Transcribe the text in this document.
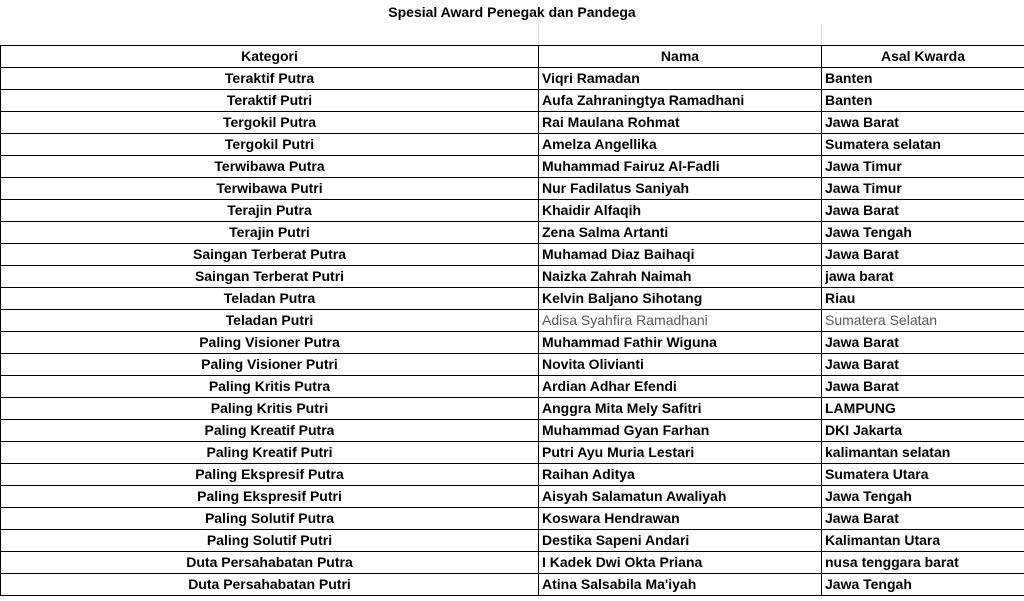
Spesial Award Penegak dan Pandega
Kategori	Nama	Asal Kwarda
Teraktif Putra	Viqri Ramadan	Banten
Teraktif Putri	Aufa Zahraningtya Ramadhani	Banten
Tergokil Putra	Rai Maulana Rohmat	Jawa Barat
Tergokil Putri	Amelza Angellika	Sumatera selatan
Terwibawa Putra	Muhammad Fairuz Al-Fadli	Jawa Timur
Terwibawa Putri	Nur Fadilatus Saniyah	Jawa Timur
Terajin Putra	Khaidir Alfaqih	Jawa Barat
Terajin Putri	Zena Salma Artanti	Jawa Tengah
Saingan Terberat Putra	Muhamad Diaz Baihaqi	Jawa Barat
Saingan Terberat Putri	Naizka Zahrah Naimah	jawa barat
Teladan Putra	Kelvin Baljano Sihotang	Riau
Teladan Putri	Adisa Syahfira Ramadhani	Sumatera Selatan
Paling Visioner Putra	Muhammad Fathir Wiguna	Jawa Barat
Paling Visioner Putri	Novita Olivianti	Jawa Barat
Paling Kritis Putra	Ardian Adhar Efendi	Jawa Barat
Paling Kritis Putri	Anggra Mita Mely Safitri	LAMPUNG
Paling Kreatif Putra	Muhammad Gyan Farhan	DKI Jakarta
Paling Kreatif Putri	Putri Ayu Muria Lestari	kalimantan selatan
Paling Ekspresif Putra	Raihan Aditya	Sumatera Utara
Paling Ekspresif Putri	Aisyah Salamatun Awaliyah	Jawa Tengah
Paling Solutif Putra	Koswara Hendrawan	Jawa Barat
Paling Solutif Putri	Destika Sapeni Andari	Kalimantan Utara
Duta Persahabatan Putra	I Kadek Dwi Okta Priana	nusa tenggara barat
Duta Persahabatan Putri	Atina Salsabila Ma'iyah	Jawa Tengah
